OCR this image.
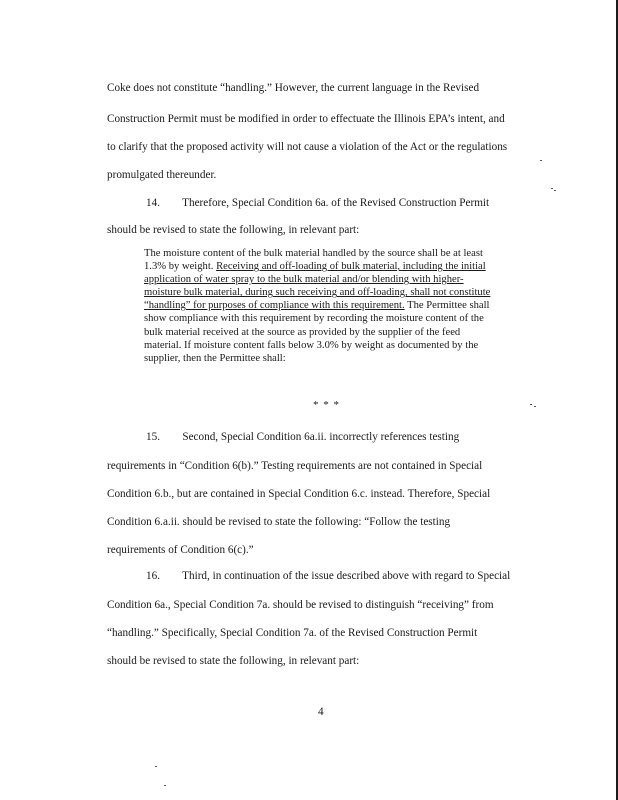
Coke does not constitute “handling.” However, the current language in the Revised
Construction Permit must be modified in order to effectuate the Illinois EPA’s intent, and
to clarify that the proposed activity will not cause a violation of the Act or the regulations
promulgated thereunder.
14.        Therefore, Special Condition 6a. of the Revised Construction Permit
should be revised to state the following, in relevant part:

The moisture content of the bulk material handled by the source shall be at least 1.3% by weight. Receiving and off-loading of bulk material, including the initial application of water spray to the bulk material and/or blending with higher-moisture bulk material, during such receiving and off-loading, shall not constitute “handling” for purposes of compliance with this requirement. The Permittee shall show compliance with this requirement by recording the moisture content of the bulk material received at the source as provided by the supplier of the feed material. If moisture content falls below 3.0% by weight as documented by the supplier, then the Permittee shall:

* * *
15.        Second, Special Condition 6a.ii. incorrectly references testing
requirements in “Condition 6(b).” Testing requirements are not contained in Special
Condition 6.b., but are contained in Special Condition 6.c. instead. Therefore, Special
Condition 6.a.ii. should be revised to state the following: “Follow the testing
requirements of Condition 6(c).”
16.        Third, in continuation of the issue described above with regard to Special
Condition 6a., Special Condition 7a. should be revised to distinguish “receiving” from
“handling.” Specifically, Special Condition 7a. of the Revised Construction Permit
should be revised to state the following, in relevant part:
4
